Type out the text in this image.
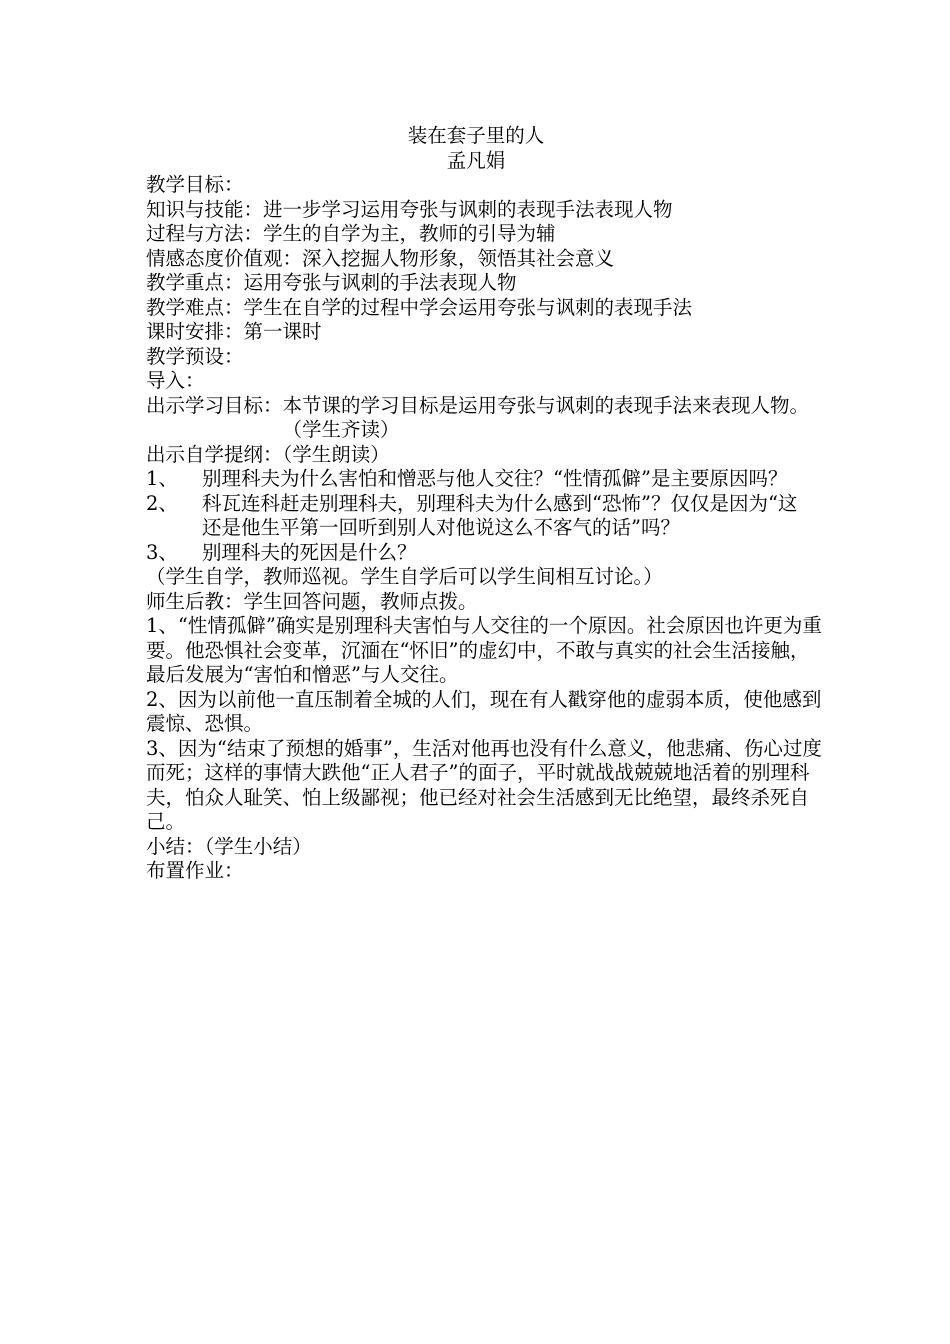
装在套子里的人
孟凡娟
教学目标：
知识与技能：进一步学习运用夸张与讽刺的表现手法表现人物
过程与方法：学生的自学为主，教师的引导为辅
情感态度价值观：深入挖掘人物形象，领悟其社会意义
教学重点：运用夸张与讽刺的手法表现人物
教学难点：学生在自学的过程中学会运用夸张与讽刺的表现手法
课时安排：第一课时
教学预设：
导入：
出示学习目标： 本节课的学习目标是运用夸张与讽刺的表现手法来表现人物。（学生齐读）
出示自学提纲：（学生朗读）
1、	别理科夫为什么害怕和憎恶与他人交往？“性情孤僻”是主要原因吗？
2、	科瓦连科赶走别理科夫，别理科夫为什么感到“恐怖”？仅仅是因为“这还是他生平第一回听到别人对他说这么不客气的话”吗？
3、	别理科夫的死因是什么？
（学生自学，教师巡视。学生自学后可以学生间相互讨论。）
师生后教：学生回答问题，教师点拨。
1、“性情孤僻”确实是别理科夫害怕与人交往的一个原因。社会原因也许更为重要。他恐惧社会变革，沉湎在“怀旧”的虚幻中，不敢与真实的社会生活接触，最后发展为“害怕和憎恶”与人交往。
2、因为以前他一直压制着全城的人们，现在有人戳穿他的虚弱本质，使他感到震惊、恐惧。
3、因为“结束了预想的婚事”，生活对他再也没有什么意义，他悲痛、伤心过度而死；这样的事情大跌他“正人君子”的面子，平时就战战兢兢地活着的别理科夫，怕众人耻笑、怕上级鄙视；他已经对社会生活感到无比绝望，最终杀死自己。
小结：（学生小结）
布置作业：
